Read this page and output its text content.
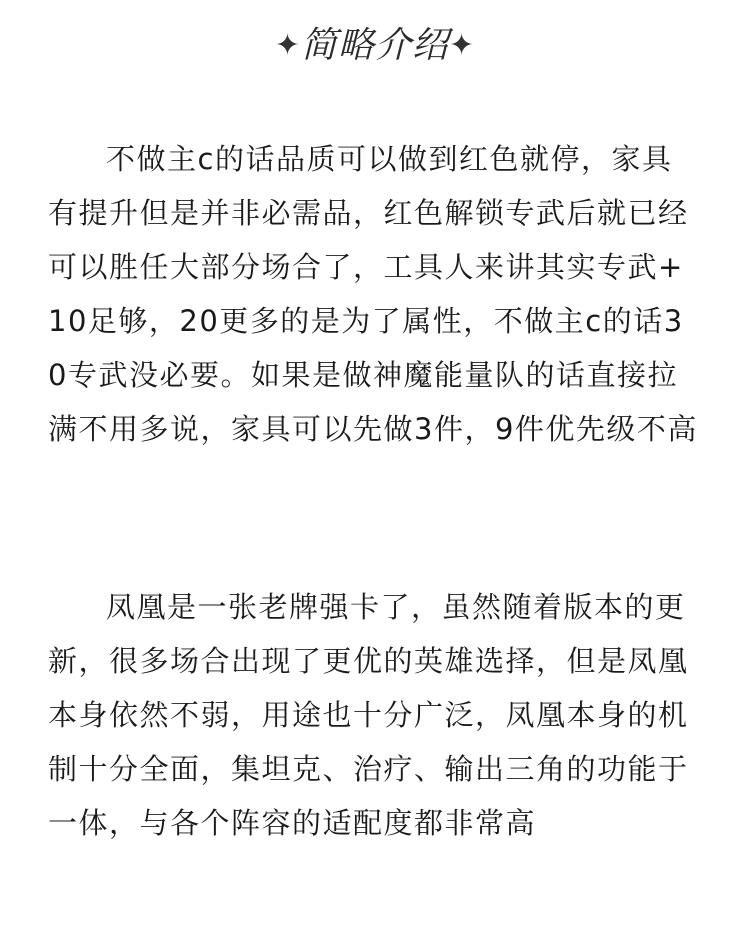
✦简略介绍✦

不做主c的话品质可以做到红色就停，家具有提升但是并非必需品，红色解锁专武后就已经可以胜任大部分场合了，工具人来讲其实专武+10足够，20更多的是为了属性，不做主c的话30专武没必要。如果是做神魔能量队的话直接拉满不用多说，家具可以先做3件，9件优先级不高

凤凰是一张老牌强卡了，虽然随着版本的更新，很多场合出现了更优的英雄选择，但是凤凰本身依然不弱，用途也十分广泛，凤凰本身的机制十分全面，集坦克、治疗、输出三角的功能于一体，与各个阵容的适配度都非常高
